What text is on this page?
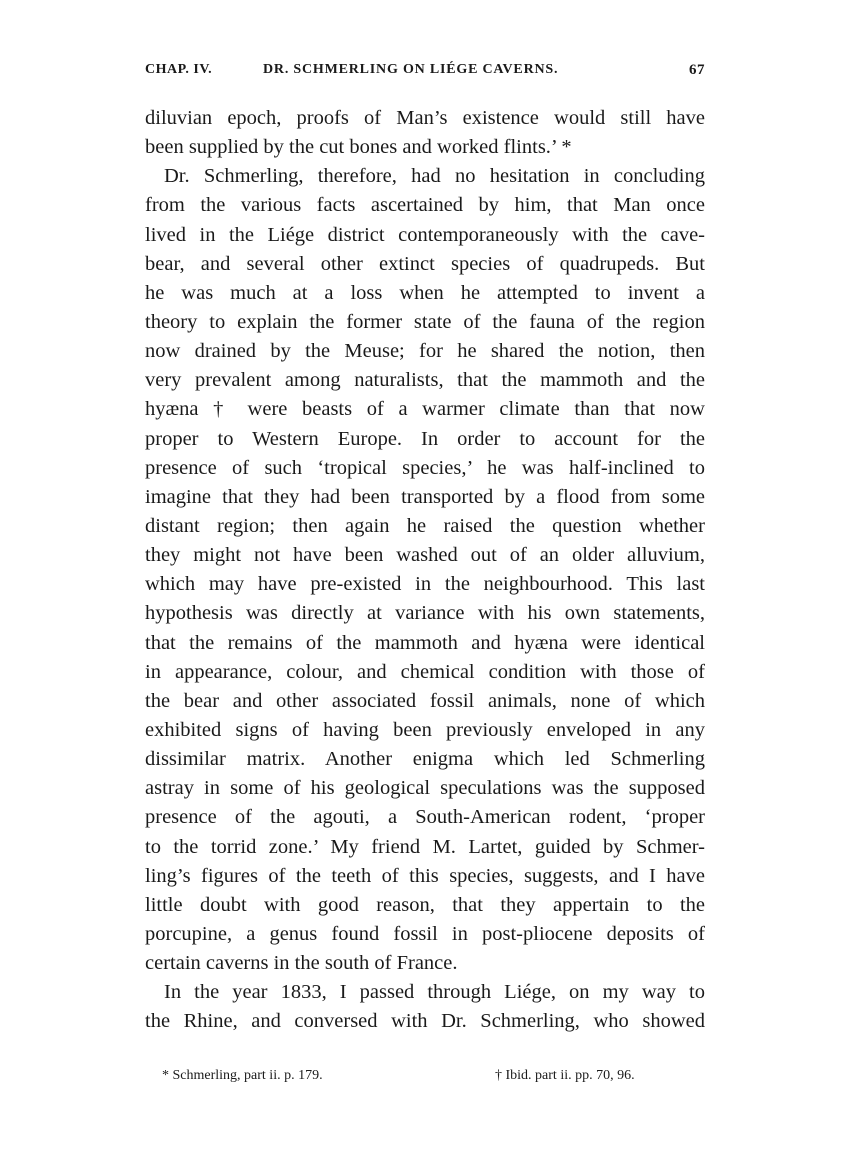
CHAP. IV.	DR. SCHMERLING ON LIÉGE CAVERNS.	67
diluvian epoch, proofs of Man’s existence would still have
been supplied by the cut bones and worked flints.’ *
Dr. Schmerling, therefore, had no hesitation in concluding
from the various facts ascertained by him, that Man once
lived in the Liége district contemporaneously with the cave-
bear, and several other extinct species of quadrupeds. But
he was much at a loss when he attempted to invent a
theory to explain the former state of the fauna of the region
now drained by the Meuse; for he shared the notion, then
very prevalent among naturalists, that the mammoth and the
hyæna † were beasts of a warmer climate than that now
proper to Western Europe. In order to account for the
presence of such ‘tropical species,’ he was half-inclined to
imagine that they had been transported by a flood from some
distant region; then again he raised the question whether
they might not have been washed out of an older alluvium,
which may have pre-existed in the neighbourhood. This last
hypothesis was directly at variance with his own statements,
that the remains of the mammoth and hyæna were identical
in appearance, colour, and chemical condition with those of
the bear and other associated fossil animals, none of which
exhibited signs of having been previously enveloped in any
dissimilar matrix. Another enigma which led Schmerling
astray in some of his geological speculations was the supposed
presence of the agouti, a South-American rodent, ‘proper
to the torrid zone.’ My friend M. Lartet, guided by Schmer-
ling’s figures of the teeth of this species, suggests, and I have
little doubt with good reason, that they appertain to the
porcupine, a genus found fossil in post-pliocene deposits of
certain caverns in the south of France.
In the year 1833, I passed through Liége, on my way to
the Rhine, and conversed with Dr. Schmerling, who showed
* Schmerling, part ii. p. 179.	† Ibid. part ii. pp. 70, 96.
